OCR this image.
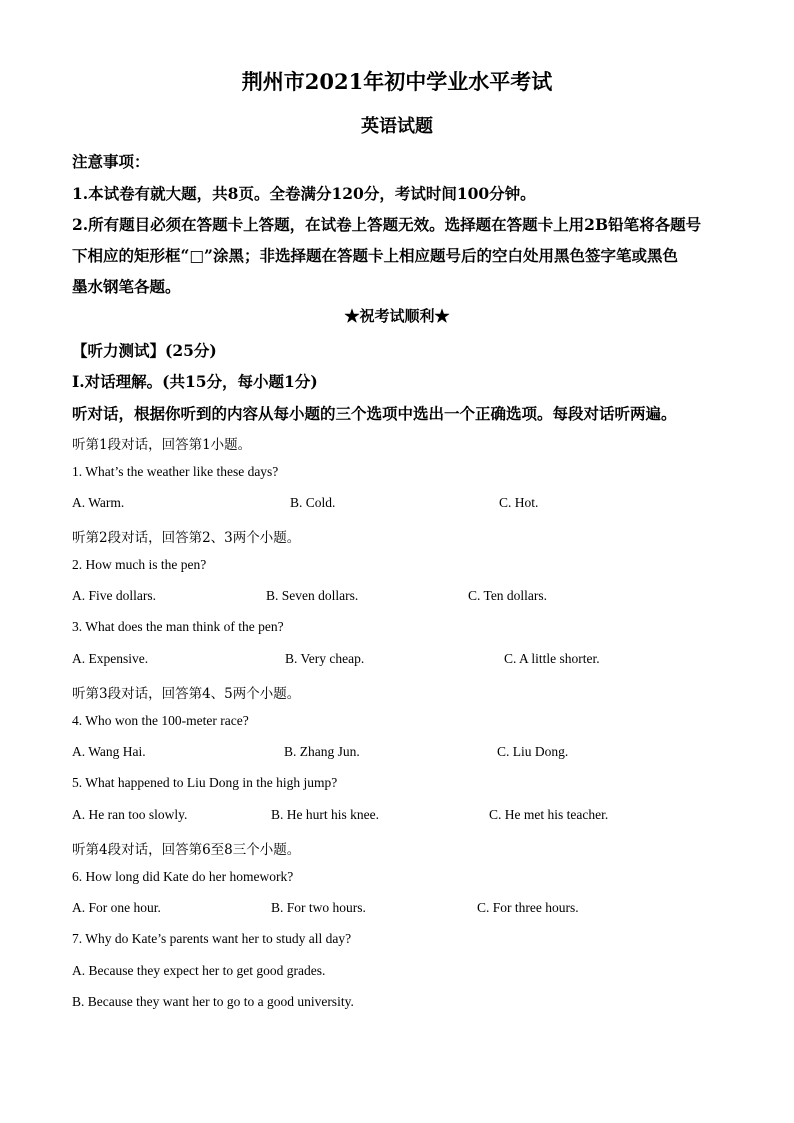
荆州市2021年初中学业水平考试
英语试题
注意事项：
1.本试卷有就大题，共8页。全卷满分120分，考试时间100分钟。
2.所有题目必须在答题卡上答题，在试卷上答题无效。选择题在答题卡上用2B铅笔将各题号
下相应的矩形框“□”涂黑；非选择题在答题卡上相应题号后的空白处用黑色签字笔或黑色
墨水钢笔各题。
★祝考试顺利★
【听力测试】(25分)
Ⅰ.对话理解。(共15分，每小题1分)
听对话，根据你听到的内容从每小题的三个选项中选出一个正确选项。每段对话听两遍。
听第1段对话，回答第1小题。
1. What’s the weather like these days?
A. Warm.	B. Cold.	C. Hot.
听第2段对话，回答第2、3两个小题。
2. How much is the pen?
A. Five dollars.	B. Seven dollars.	C. Ten dollars.
3. What does the man think of the pen?
A. Expensive.	B. Very cheap.	C. A little shorter.
听第3段对话，回答第4、5两个小题。
4. Who won the 100-meter race?
A. Wang Hai.	B. Zhang Jun.	C. Liu Dong.
5. What happened to Liu Dong in the high jump?
A. He ran too slowly.	B. He hurt his knee.	C. He met his teacher.
听第4段对话，回答第6至8三个小题。
6. How long did Kate do her homework?
A. For one hour.	B. For two hours.	C. For three hours.
7. Why do Kate’s parents want her to study all day?
A. Because they expect her to get good grades.
B. Because they want her to go to a good university.
